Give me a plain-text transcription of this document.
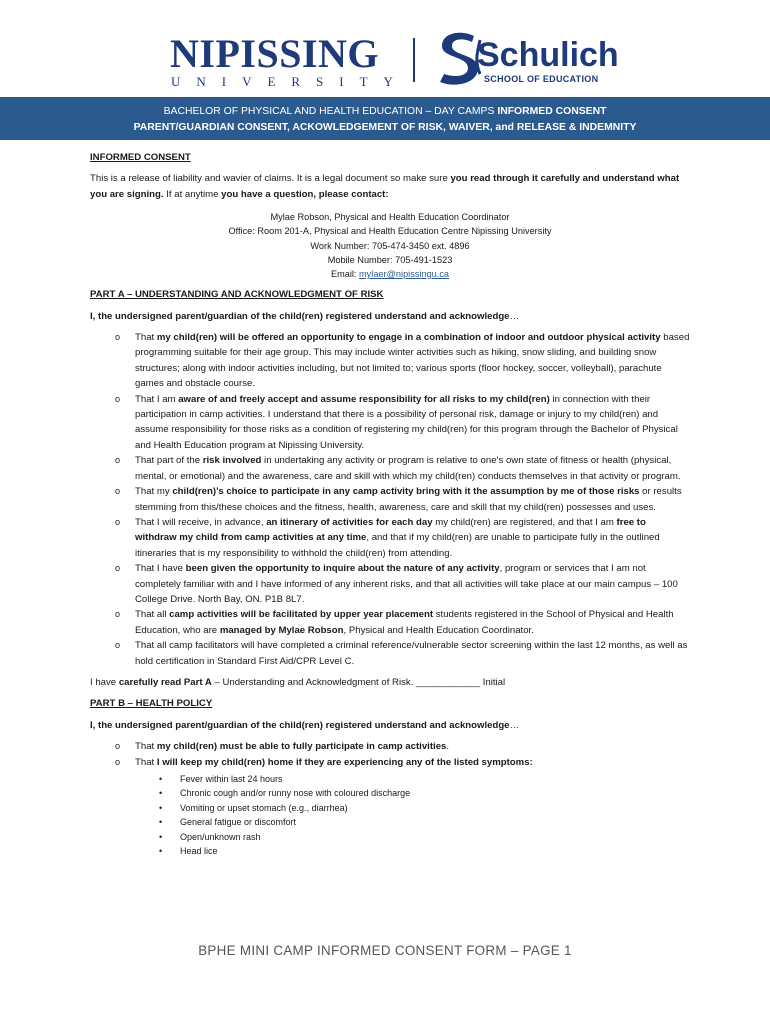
NIPISSING
U N I V E R S I T Y
Schulich
SCHOOL OF EDUCATION
BACHELOR OF PHYSICAL AND HEALTH EDUCATION – DAY CAMPS INFORMED CONSENT
PARENT/GUARDIAN CONSENT, ACKOWLEDGEMENT OF RISK, WAIVER, and RELEASE & INDEMNITY
INFORMED CONSENT
This is a release of liability and wavier of claims. It is a legal document so make sure you read through it carefully and understand what you are signing. If at anytime you have a question, please contact:
Mylae Robson, Physical and Health Education Coordinator
Office: Room 201-A, Physical and Health Education Centre Nipissing University
Work Number: 705-474-3450 ext. 4896
Mobile Number: 705-491-1523
Email: mylaer@nipissingu.ca
PART A – UNDERSTANDING AND ACKNOWLEDGMENT OF RISK
I, the undersigned parent/guardian of the child(ren) registered understand and acknowledge…
o That my child(ren) will be offered an opportunity to engage in a combination of indoor and outdoor physical activity based programming suitable for their age group. This may include winter activities such as hiking, snow sliding, and building snow structures; along with indoor activities including, but not limited to; various sports (floor hockey, soccer, volleyball), parachute games and obstacle course.
o That I am aware of and freely accept and assume responsibility for all risks to my child(ren) in connection with their participation in camp activities. I understand that there is a possibility of personal risk, damage or injury to my child(ren) and assume responsibility for those risks as a condition of registering my child(ren) for this program through the Bachelor of Physical and Health Education program at Nipissing University.
o That part of the risk involved in undertaking any activity or program is relative to one’s own state of fitness or health (physical, mental, or emotional) and the awareness, care and skill with which my child(ren) conducts themselves in that activity or program.
o That my child(ren)’s choice to participate in any camp activity bring with it the assumption by me of those risks or results stemming from this/these choices and the fitness, health, awareness, care and skill that my child(ren) possesses and uses.
o That I will receive, in advance, an itinerary of activities for each day my child(ren) are registered, and that I am free to withdraw my child from camp activities at any time, and that if my child(ren) are unable to participate fully in the outlined itineraries that is my responsibility to withhold the child(ren) from attending.
o That I have been given the opportunity to inquire about the nature of any activity, program or services that I am not completely familiar with and I have informed of any inherent risks, and that all activities will take place at our main campus – 100 College Drive. North Bay, ON. P1B 8L7.
o That all camp activities will be facilitated by upper year placement students registered in the School of Physical and Health Education, who are managed by Mylae Robson, Physical and Health Education Coordinator.
o That all camp facilitators will have completed a criminal reference/vulnerable sector screening within the last 12 months, as well as hold certification in Standard First Aid/CPR Level C.
I have carefully read Part A – Understanding and Acknowledgment of Risk. ____________ Initial
PART B – HEALTH POLICY
I, the undersigned parent/guardian of the child(ren) registered understand and acknowledge…
o That my child(ren) must be able to fully participate in camp activities.
o That I will keep my child(ren) home if they are experiencing any of the listed symptoms:
• Fever within last 24 hours
• Chronic cough and/or runny nose with coloured discharge
• Vomiting or upset stomach (e.g., diarrhea)
• General fatigue or discomfort
• Open/unknown rash
• Head lice
BPHE MINI CAMP INFORMED CONSENT FORM – PAGE 1
